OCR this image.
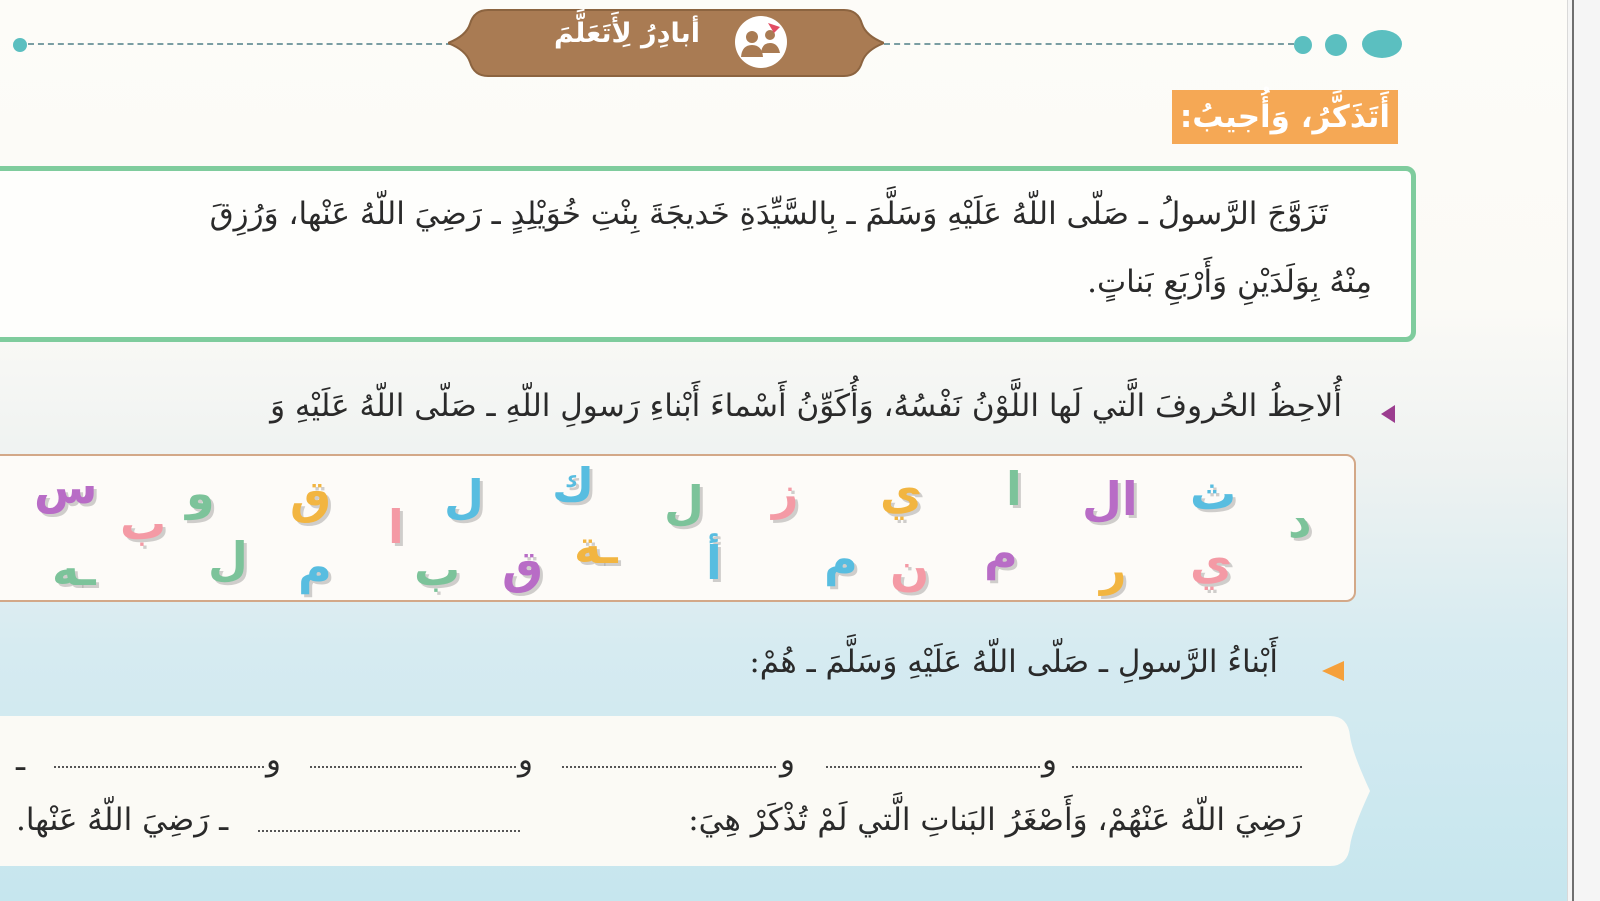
أبادِرُ لِأَتَعَلَّمَ
أَتَذَكَّرُ، وَأُجيبُ:
تَزَوَّجَ الرَّسولُ ـ صَلّى اللّهُ عَلَيْهِ وَسَلَّمَ ـ بِالسَّيِّدَةِ خَديجَةَ بِنْتِ خُوَيْلِدٍ ـ رَضِيَ اللّهُ عَنْها، وَرُزِقَ
مِنْهُ بِوَلَدَيْنِ وَأَرْبَعِ بَناتٍ.
أُلاحِظُ الحُروفَ الَّتي لَها اللَّوْنُ نَفْسُهُ، وَأُكَوِّنُ أَسْماءَ أَبْناءِ رَسولِ اللّهِ ـ صَلّى اللّهُ عَلَيْهِ وَ
د
ث
ال
ا
ي
ز
ل
ك
ل
ا
ق
و
ب
س
ي
ر
م
ن
م
أ
ـة
ق
ب
م
ل
ـه
أَبْناءُ الرَّسولِ ـ صَلّى اللّهُ عَلَيْهِ وَسَلَّمَ ـ هُمْ:
و
و
و
و
ـ
رَضِيَ اللّهُ عَنْهُمْ، وَأَصْغَرُ البَناتِ الَّتي لَمْ تُذْكَرْ هِيَ:
ـ رَضِيَ اللّهُ عَنْها.
